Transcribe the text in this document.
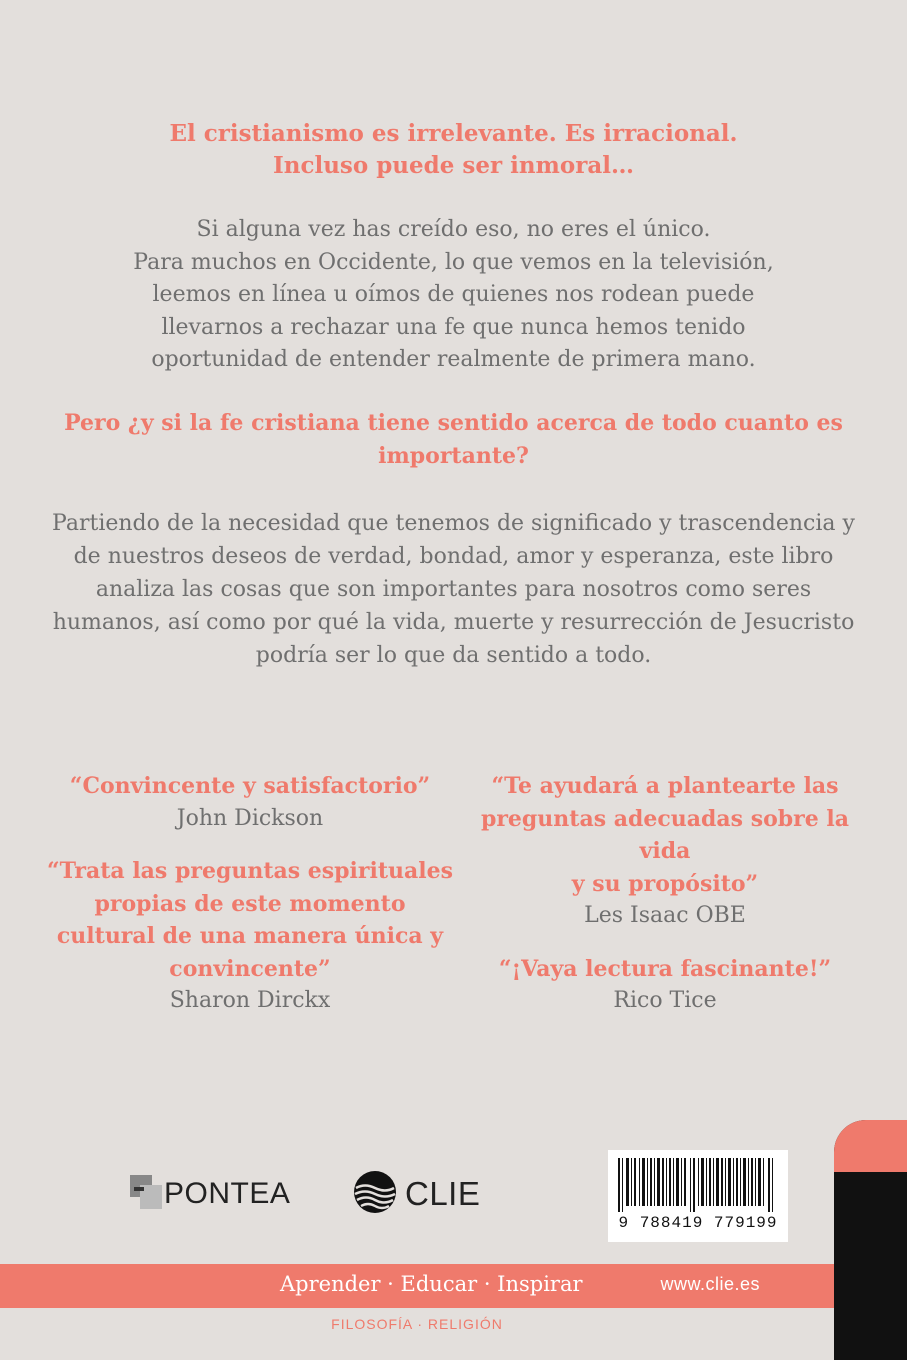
El cristianismo es irrelevante. Es irracional.
Incluso puede ser inmoral…
Si alguna vez has creído eso, no eres el único.
Para muchos en Occidente, lo que vemos en la televisión,
leemos en línea u oímos de quienes nos rodean puede
llevarnos a rechazar una fe que nunca hemos tenido
oportunidad de entender realmente de primera mano.
Pero ¿y si la fe cristiana tiene sentido acerca de todo cuanto es
importante?
Partiendo de la necesidad que tenemos de significado y trascendencia y
de nuestros deseos de verdad, bondad, amor y esperanza, este libro
analiza las cosas que son importantes para nosotros como seres
humanos, así como por qué la vida, muerte y resurrección de Jesucristo
podría ser lo que da sentido a todo.
“Convincente y satisfactorio”
John Dickson
“Trata las preguntas espirituales
propias de este momento
cultural de una manera única y
convincente”
Sharon Dirckx
“Te ayudará a plantearte las
preguntas adecuadas sobre la vida
y su propósito”
Les Isaac OBE
“¡Vaya lectura fascinante!”
Rico Tice
PONTEA	CLIE
9 788419 779199
Aprender · Educar · Inspirar	www.clie.es
FILOSOFÍA · RELIGIÓN
